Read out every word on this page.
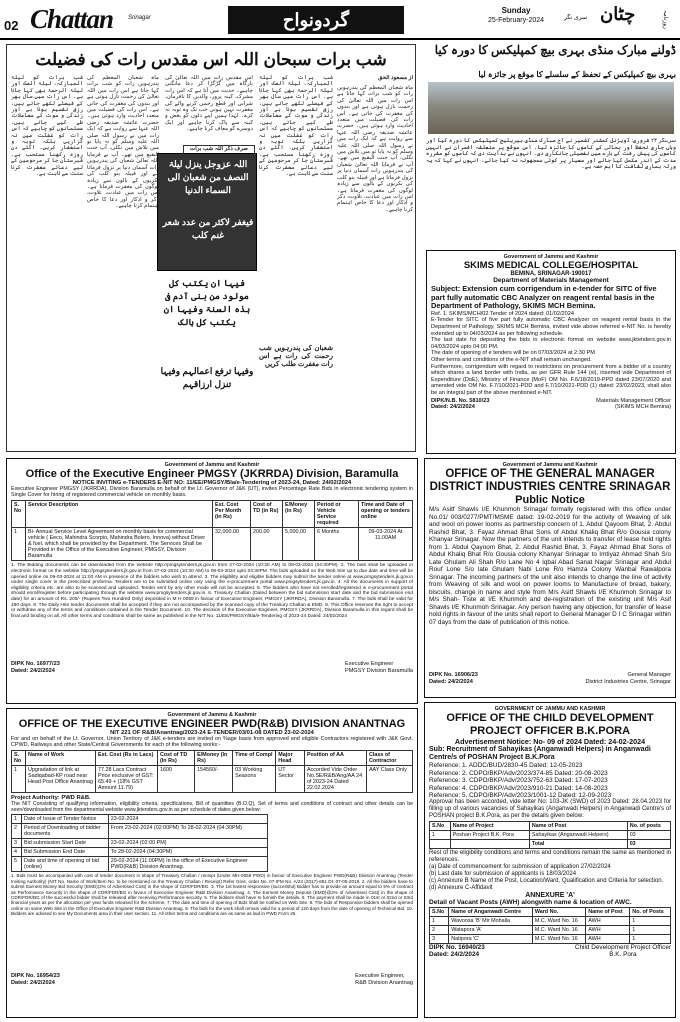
02 Chattan Srinagar	گردونواح	Sunday
25-February-2024	سری نگر چٹان	روزنامہ
شب برات سبحان اللہ اس مقدس رات کی فضیلت
از مسعود الحق
ماہ شعبان المعظم کی پندرہویں رات کو شب برات کہا جاتا ہے اس رات میں اللہ تعالیٰ کی رحمت نازل ہوتی ہے اور بندوں کی مغفرت کی جاتی ہے۔ اس رات کی فضیلت میں متعدد احادیث وارد ہوئی ہیں۔ حضرت عائشہ صدیقہ رضی اللہ عنہا سے روایت ہے کہ ایک رات میں نے رسول اللہ صلی اللہ علیہ وسلم کو نہ پایا تو میں تلاش میں نکلی، آپ جنت البقیع میں تھے۔ آپ نے فرمایا اللہ تعالیٰ شعبان کی پندرہویں رات آسمان دنیا پر نزول فرماتا ہے اور قبیلہ بنو کلب کی بکریوں کے بالوں سے زیادہ لوگوں کی مغفرت فرماتا ہے۔ اس رات میں عبادت، تلاوت، ذکر و اذکار اور دعا کا خاص اہتمام کرنا چاہیے۔
شب برات کو لیلۃ المبارکہ، لیلۃ الصک اور لیلۃ الرحمۃ بھی کہا جاتا ہے۔ اس رات میں سال بھر کے فیصلے لکھے جاتے ہیں، رزق تقسیم ہوتا ہے اور زندگی و موت کے معاملات طے کیے جاتے ہیں۔ مسلمانوں کو چاہیے کہ اس رات کو غفلت میں نہ گزاریں بلکہ توبہ و استغفار کریں۔ اگلے دن روزہ رکھنا مستحب ہے۔ قبرستان جا کر مرحومین کے لیے دعائے مغفرت کرنا سنت سے ثابت ہے۔
اس مقدس رات میں اللہ تعالیٰ کی بارگاہ میں گڑگڑا کر دعا مانگنی چاہیے۔ حدیث میں آتا ہے کہ اس رات مشرک، کینہ پرور، والدین کا نافرمان، شرابی اور قطع رحمی کرنے والے کی مغفرت نہیں ہوتی جب تک وہ توبہ نہ کرے۔ لہٰذا ہمیں اپنے دلوں کو بغض و کینہ سے پاک کرنا چاہیے اور ایک دوسرے کو معاف کرنا چاہیے۔
صرف ذکر اللہ شب برات
اللہ عزوجل ینزل لیلۃ النصف من شعبان الی السماء الدنیا
فیغفر لاکثر من عدد شعر غنم کلب
فیہا ان یکتب کل مولود من بنی آدم فی ہذہ السنۃ وفیہا ان یکتب کل ہالک
وفیہا ترفع اعمالہم وفیہا تنزل ارزاقہم
ماہ شعبان المعظم کی پندرہویں رات کو شب برات کہا جاتا ہے اس رات میں اللہ تعالیٰ کی رحمت نازل ہوتی ہے اور بندوں کی مغفرت کی جاتی ہے۔ اس رات کی فضیلت میں متعدد احادیث وارد ہوئی ہیں۔ حضرت عائشہ صدیقہ رضی اللہ عنہا سے روایت ہے کہ ایک رات میں نے رسول اللہ صلی اللہ علیہ وسلم کو نہ پایا تو میں تلاش میں نکلی، آپ جنت البقیع میں تھے۔ آپ نے فرمایا اللہ تعالیٰ شعبان کی پندرہویں رات آسمان دنیا پر نزول فرماتا ہے اور قبیلہ بنو کلب کی بکریوں کے بالوں سے زیادہ لوگوں کی مغفرت فرماتا ہے۔ اس رات میں عبادت، تلاوت، ذکر و اذکار اور دعا کا خاص اہتمام کرنا چاہیے۔
شب برات کو لیلۃ المبارکہ، لیلۃ الصک اور لیلۃ الرحمۃ بھی کہا جاتا ہے۔ اس رات میں سال بھر کے فیصلے لکھے جاتے ہیں، رزق تقسیم ہوتا ہے اور زندگی و موت کے معاملات طے کیے جاتے ہیں۔ مسلمانوں کو چاہیے کہ اس رات کو غفلت میں نہ گزاریں بلکہ توبہ و استغفار کریں۔ اگلے دن روزہ رکھنا مستحب ہے۔ قبرستان جا کر مرحومین کے لیے دعائے مغفرت کرنا سنت سے ثابت ہے۔
شعبان کی پندرہویں شب رحمت کی رات ہے اس رات مغفرت طلب کریں
ڈولنے مبارک منڈی بہری بیچ کمپلیکس کا دورہ کیا
بہری بیچ کمپلیکس کے تحفظ کے سلسلے کا موقع پر جائزہ لیا
سرینگر ۲۴ فروری: ڈویژنل کمشنر کشمیر نے آج مبارک منڈی ہیریٹیج کمپلیکس کا دورہ کیا اور وہاں جاری تحفظ اور بحالی کے کاموں کا جائزہ لیا۔ اس موقع پر متعلقہ افسران نے انہیں کاموں کی پیش رفت کے بارے میں تفصیلی جانکاری دی۔ انہوں نے ہدایت دی کہ کاموں کو مقررہ مدت کے اندر مکمل کیا جائے اور معیار پر کوئی سمجھوتہ نہ کیا جائے۔ انہوں نے کہا کہ یہ ورثہ ہماری ثقافت کا اہم حصہ ہے۔
Government of Jammu and Kashmir
SKIMS MEDICAL COLLEGE/HOSPITAL
BEMINA, SRINAGAR-190017
Department of Materials Management
Subject: Extension cum corrigendum in e-tender for SITC of five part fully automatic CBC Analyzer on reagent rental basis in the Department of Pathology, SKIMS MCH Bemina.
Ref. 1. SKIMS/MCH/02 Tender of 2024 dated: 01/02/2024
E-Tender for SITC of five part fully automatic CBC Analyzer on reagent rental basis in the Department of Pathology, SKIMS MCH Bemina, invited vide above referred e-NIT No. is hereby extended up to 04/03/2024 as per following schedule.
The last date for depositing the bids in electronic format on website www.jktenders.gov.in 04/03/2024 upto 04:00 PM.
The date of opening of e tenders will be on 07/03/2024 at 2:30 PM
Other terms and conditions of the e-NIT shall remain unchanged.
Furthermore, corrigendum with regard to restrictions on procurement from a bidder of a country which shares a land border with India, as per GFR Rule 144 (xi), inserted vide Department of Expenditure (DoE), Ministry of Finance (MoF) OM No. F.6/18/2019-PPD dated 23/07/2020 and amended vide OM No. F.7/10/2021-PDD and F.7/10/2021-PDD (1) dated: 23/02/2023, shall also be an integral part of the above mentioned e-NIT.
DIPK/N.B. No. 5810/23
Dated: 24/2/2024
Materials Management Officer
(SKIMS MCH Bemina)
Government of Jammu and Kashmir
Office of the Executive Engineer PMGSY (JKRRDA) Division, Baramulla
NOTICE INVITING e-TENDERS E-NIT NO: 11/EE/PMGSY/Bla/e-Tendering of 2023-24, Dated: 24/02/2024
Executive Engineer PMGSY (JKRRDA), Division Baramulla on behalf of the Lt. Governor of J&K (UT), invites Percentage Rate Bids in electronic tendering system in Single Cover for hiring of registered commercial vehicle on monthly basis.
S. No	Service Description	Est. Cost Per Month (in Rs)	Cost of TD (in Rs)	E/Money (in Rs)	Period or Vehicle Service required	Time and Date of opening or tenders online
1	Bi- Annual Service Level Agreement on monthly basis for commercial vehicle ( Eeco, Mahindra Scorpio, Mahindra Bolero, Innova) without Driver & fuel, which shall be provided by the Department. The Services Shall be Provided in the Office of the Executive Engineer, PMGSY, Division Baramulla	32,000.00	200.00	5,000.00	6 Months	09-03-2024 At 11.00AM
1. The Bidding documents can be downloaded from the website http://pmgsytenders.jk.gov.in from 27-02-2024 (10:30 AM) to 08-03-2024 (04:30PM). 2. The bids shall be uploaded in electronic format on the website http://pmgsytenders.jk.gov.in from 27-02-2024 (10:30 AM) to 08-03-2024 upto 04:30PM. The bids uploaded on the Web Site up to due date and time will be opened online on 09-03-2024 at 11:00 AM in presence of the bidders who wish to attend. 3. The eligibility and eligible bidders may submit the tender online at www.pmgsytenders.jk.gov.in under single cover in the prescribed proforma. Tenders are to be submitted online only using the e-procurement portal www.pmgsytenders.jk.gov.in. 4. All the documents in support of eligibility criteria etc. are also to be scanned and uploaded. Tender sent by any other mode will not be accepted. 5. The bidders who have not enrolled/registered in e-procurement portal should enroll/register before participating through the website www.pmgsytenders.jk.gov.in. 6. Treasury Challan (Dated between the bid submission start date and the bid submission end date) for an amount of Rs. 200/- (Rupees Two Hundred Only) deposited in M H 0059 in favour of Executive Engineer, PMGSY (JKRRDA), Division Baramulla. 7. The bids shall be valid for 180 days. 8. The Daily Hire tender documents shall be accepted if they are not accompanied by the scanned copy of the Treasury Challan & EMD. 9. This Office reserves the right to accept or withdraw any of the terms and conditions contained in the Tender Document. 10. The decision of the Executive Engineer, PMGSY (JKRRDA), Division Baramulla in this regard shall be final and binding on all. All other terms and conditions shall be same as published in the NIT No. 11/EE/PMGSY/Bla/e-Tendering of 2023-24 Dated: 24/02/2024
DIPK No. 16977/23
Dated: 24/2/2024
Executive Engineer
PMGSY Division Baramulla
Government of Jammu & Kashmir
OFFICE OF THE EXECUTIVE ENGINEER PWD(R&B) DIVISION ANANTNAG
NIT 221 OF R&B/Anantnag/2023-24 E-TENDER/03/01-08 DATED 23-02-2024
For and on behalf of the Lt. Governor, Union Territory of J&K e-tenders are invited on %age basis from approved and eligible Contractors registered with J&K Govt. CPWD, Railways and other State/Central Governments for each of the following works:-
S. No	Name of Work	Est. Cost (Rs in Lacs)	Cost of TD (In Rs)	E/Money (In Rs)	Time of Compl	Major Head	Position of AA	Class of Contractor
1	Upgradation of link at Sadiqabad-KP road near Head Post Office Anantnag	77.28 Lacs Contract Price exclusive of GST: 65.49 + (18% GST Amount 11.79)	1600	154560/-	03 Working Seasons	UT Sector	Accorded Vide Order No.SE/R&B/Ang/AA 24 of 2023-24 Dated 22.02.2024	AAY Class Only
Project Authority: PWD R&B.
The NIT Consisting of qualifying information, eligibility criteria, specifications, Bill of quantities (B.O.Q), Set of terms and conditions of contract and other details can be seen/downloaded from the departmental website www.jktenders.gov.in as per schedule of dates given below:
1	Date of Issue of Tender Notice	23-02-2024
2	Period of Downloading of bidder documents	From 23-02-2024 (02:00PM) To 28-02-2024 (04:30PM)
3	Bid submission Start Date	23-02-2024 (02:00 PM)
4	Bid Submission End Date	To 28-02-2024 (04:30PM)
5	Date and time of opening of bid (online)	29-02-2024 (11:00PM) In the office of Executive Engineer PWD(R&B) Division Anantnag.
1. Bids must be accompanied with cost of tender document in shape of Treasury Challan / receipt (Under MH-0059 PWD) in favour of Executive Engineer PWD(R&B) Division Anantnag (Tender Inviting Authority) (NIT No. Name of Work/Item No. to be mentioned on the Treasury Challan / Receipt) Refer Govt. order No. 07-IFM No. A/24 (2017)-651 Dt: 07-05-2019. 2. All the bidders have to submit Earnest Money Bid Security (EMD)(2% of Advertised Cost) in the shape of CDR/FDR/BG. 3. The 1st lowest responsive (successful) Bidder has to provide an amount equal to 5% of contract as Performance Security in the shape of CDR/FDR/BG in favour of Executive Engineer R&B Division Anantnag. 4. The Earnest Money Deposit (EMD)@2% of Advertised Cost) in the shape of CDR/FDR/BG of the successful bidder shall be released after receiving Performance security. 5. The bidders shall have to furnish the details. 6. The payment shall be made in 01st or 02nd or 03rd financial years as per the allocation per year funds released for the scheme. 7. The date and time of opening of Bids shall be notified on Web Site. 8. The bids of Responsive bidders shall be opened online on same Web Site in the Office of Executive Engineer R&B Division Anantnag. 9. The bids for the work shall remain valid for a period of 120 days from the date of opening of Technical Bid. 10. Bidders are advised to see My Documents area in their user section. 11. All other terms and conditions are as same as laid in PWD Form 25.
DIPK No. 16954/23
Dated: 24/2/2024
Executive Engineer,
R&B Division Anantnag
Government of Jammu and Kashmir
OFFICE OF THE GENERAL MANAGER DISTRICT INDUSTRIES CENTRE SRINAGAR
Public Notice
M/s Asitf Shawls I/E Khunmoh Srinagar formally registered with this office under No.01/ 003/0277/PMT/MSME dated: 19-02-2019 for the activity of Weaving of silk and wool on power looms as partnership concern of 1. Abdul Qayoom Bhat, 2. Abdul Rashid Bhat, 3. Fayaz Ahmad Bhat Sons of Abdul Khaliq Bhat R/o Gousia colony Khanyar Srinagar. Now the partners of the unit intends to transfer of lease hold rights from 1. Abdul Qayoom Bhat, 2. Abdul Rashid Bhat, 3. Fayaz Ahmad Bhat Sons of Abdul Khaliq Bhat R/o Gousia colony Khanyar Srinagar to Imtiyaz Ahmad Shah S/o Late Ghulam Ali Shah R/o Lane No 4 Iqbal Abad Sanat Nagar Srinagar and Abdul Rouf Lone S/o late Ghulam Nabi Lone R/o Hamza Colony Wanbal Rawalpora Srinagar. The incoming partners of the unit also intends to change the line of activity from Weaving of silk and wool on power looms to Manufacture of bread, bakery, biscuits, change in name and style from M/s Asitf Shawls I/E Khunmoh Srinagar to M/s Shah- Tiste at I/E Khunmoh and de-registration of the existing unit M/s Asif Shawls I/E Khunmoh Srinagar. Any person having any objection, for transfer of lease hold rights in favour of the units shall report to General Manager D I C Srinagar within 07 days from the date of publication of this notice.
DIPK No. 16906/23
Dated: 24/2/2024
General Manager
District Industries Centre, Srinagar
GOVERNMENT OF JAMMU AND KASHMIR
OFFICE OF THE CHILD DEVELOPMENT PROJECT OFFICER B.K.PORA
Advertisement Notice: No- 09 of 2024 Dated: 24-02-2024
Sub: Recruitment of Sahayikas (Anganwadi Helpers) in Anganwadi Centre/s of POSHAN Project B.K.Pora
Reference: 1. ADDC/BUD/2830-45 Dated: 12-05-2023
Reference: 2. CDPO/BKP/Adv/2023/374-85 Dated: 20-08-2023
Reference: 3. CDPO/BKP/Adv/2023/752-63 Dated: 17-07-2023
Reference: 4. CDPO/BKP/Adv/2023/910-21 Dated: 14-08-2023
Reference: 5. CDPO/BKP/Adv/2023/1001-12 Dated: 12-09-2023
Approval has been accorded, vide letter No: 103-JK (SWD) of 2023 Dated: 28.04.2023 for filling up of various vacancies of Sahayikas (Anganwadi Helpers) in Anganwadi Centre's of POSHAN project B.K.Pora, as per the details given below:
S.No	Name of Project	Name of Post	No. of posts
1	Poshan Project B.K. Pora	Sahayikas (Anganwadi Helpers)	03
		Total	03
Rest of the eligibility conditions and terms and conditions remain the same as mentioned in references.
(a) Date of commencement for submission of application 27/02/2024
(b) Last date for submission of applicants is 18/03/2024
(c) Annexure B Name of the Post, Location/Ward, Qualification and Criteria for selection.
(d) Annexure C-Affidavit
ANNEXURE 'A'
Detail of Vacant Posts (AWH) alongwith name & location of AWC.
S.No	Name of Anganwadi Centre	Ward No.	Name of Post	No. of Posts
1	Wavoosa 'B' Mir Mohalla	M.C. Ward No. 16	AWH	1
2	Watapora 'A'	M.C. Ward No. 16	AWH	1
3	Natipora 'C'	M.C. Ward No. 16	AWH	1
DIPK No. 16940/23
Dated: 24/2/2024
Child Development Project Officer
B.K. Pora
